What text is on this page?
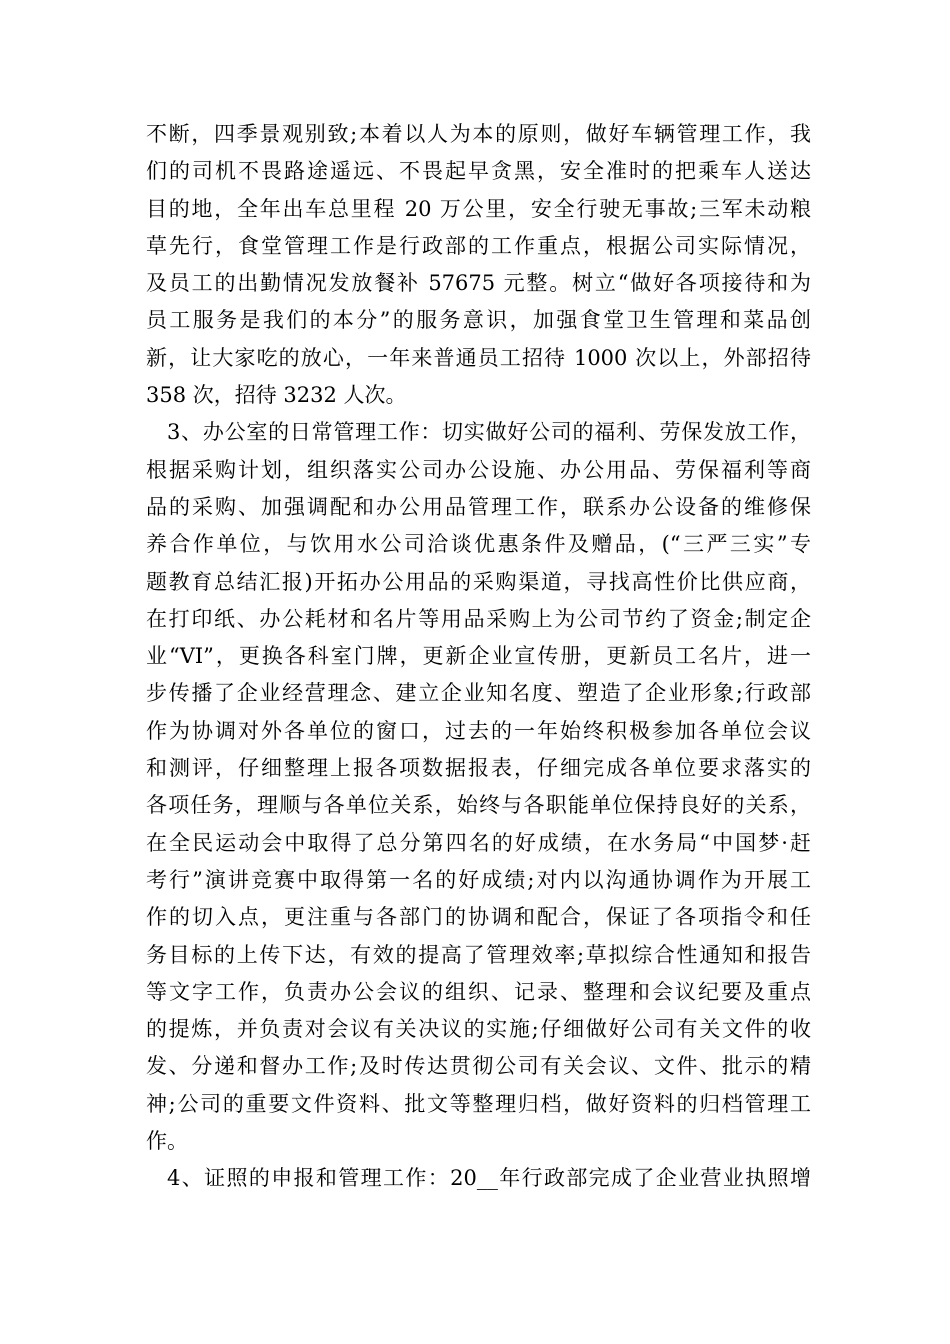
不断，四季景观别致;本着以人为本的原则，做好车辆管理工作，我
们的司机不畏路途遥远、不畏起早贪黑，安全准时的把乘车人送达
目的地，全年出车总里程 20 万公里，安全行驶无事故;三军未动粮
草先行，食堂管理工作是行政部的工作重点，根据公司实际情况，
及员工的出勤情况发放餐补 57675 元整。树立“做好各项接待和为
员工服务是我们的本分”的服务意识，加强食堂卫生管理和菜品创
新，让大家吃的放心，一年来普通员工招待 1000 次以上，外部招待
358 次，招待 3232 人次。
3、办公室的日常管理工作：切实做好公司的福利、劳保发放工作，
根据采购计划，组织落实公司办公设施、办公用品、劳保福利等商
品的采购、加强调配和办公用品管理工作，联系办公设备的维修保
养合作单位，与饮用水公司洽谈优惠条件及赠品，(“三严三实”专
题教育总结汇报)开拓办公用品的采购渠道，寻找高性价比供应商，
在打印纸、办公耗材和名片等用品采购上为公司节约了资金;制定企
业“VI”，更换各科室门牌，更新企业宣传册，更新员工名片，进一
步传播了企业经营理念、建立企业知名度、塑造了企业形象;行政部
作为协调对外各单位的窗口，过去的一年始终积极参加各单位会议
和测评，仔细整理上报各项数据报表，仔细完成各单位要求落实的
各项任务，理顺与各单位关系，始终与各职能单位保持良好的关系，
在全民运动会中取得了总分第四名的好成绩，在水务局“中国梦·赶
考行”演讲竞赛中取得第一名的好成绩;对内以沟通协调作为开展工
作的切入点，更注重与各部门的协调和配合，保证了各项指令和任
务目标的上传下达，有效的提高了管理效率;草拟综合性通知和报告
等文字工作，负责办公会议的组织、记录、整理和会议纪要及重点
的提炼，并负责对会议有关决议的实施;仔细做好公司有关文件的收
发、分递和督办工作;及时传达贯彻公司有关会议、文件、批示的精
神;公司的重要文件资料、批文等整理归档，做好资料的归档管理工
作。
4、证照的申报和管理工作：20__年行政部完成了企业营业执照增
